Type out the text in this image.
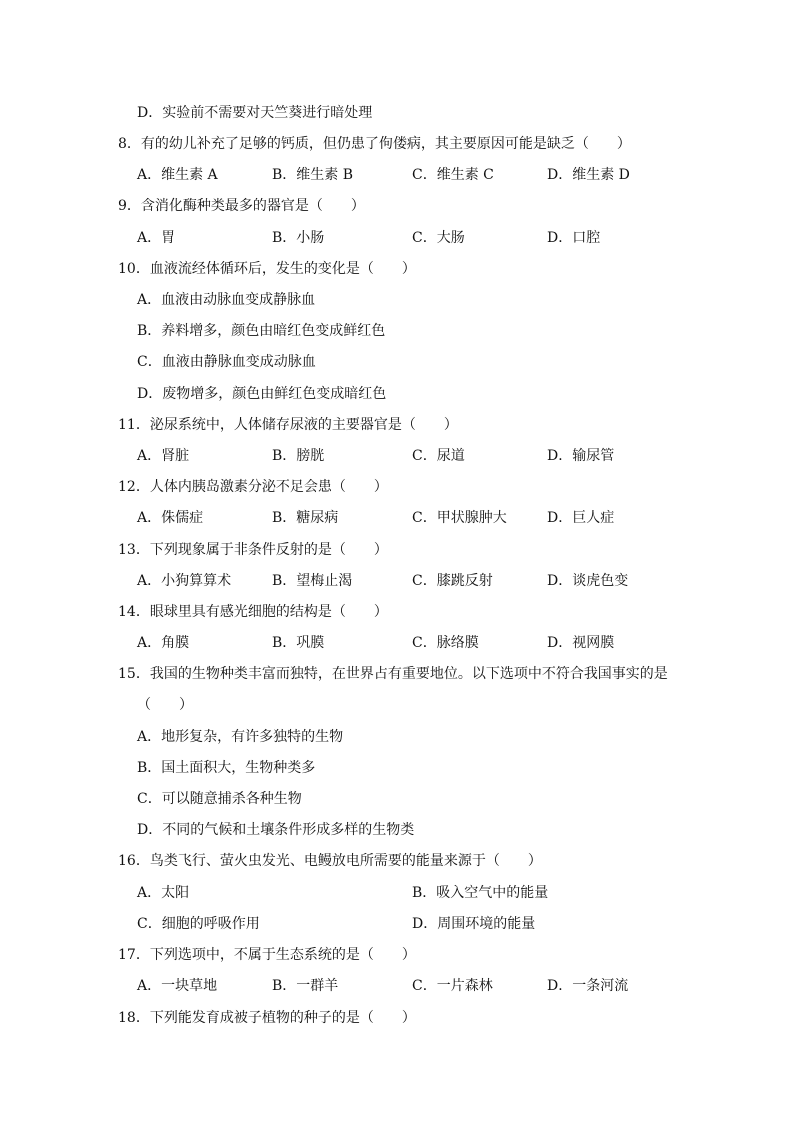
D．实验前不需要对天竺葵进行暗处理
8．有的幼儿补充了足够的钙质，但仍患了佝偻病，其主要原因可能是缺乏（　　）
A．维生素 A	B．维生素 B	C．维生素 C	D．维生素 D
9．含消化酶种类最多的器官是（　　）
A．胃	B．小肠	C．大肠	D．口腔
10．血液流经体循环后，发生的变化是（　　）
A．血液由动脉血变成静脉血
B．养料增多，颜色由暗红色变成鲜红色
C．血液由静脉血变成动脉血
D．废物增多，颜色由鲜红色变成暗红色
11．泌尿系统中，人体储存尿液的主要器官是（　　）
A．肾脏	B．膀胱	C．尿道	D．输尿管
12．人体内胰岛激素分泌不足会患（　　）
A．侏儒症	B．糖尿病	C．甲状腺肿大	D．巨人症
13．下列现象属于非条件反射的是（　　）
A．小狗算算术	B．望梅止渴	C．膝跳反射	D．谈虎色变
14．眼球里具有感光细胞的结构是（　　）
A．角膜	B．巩膜	C．脉络膜	D．视网膜
15．我国的生物种类丰富而独特，在世界占有重要地位。以下选项中不符合我国事实的是
（　　）
A．地形复杂，有许多独特的生物
B．国土面积大，生物种类多
C．可以随意捕杀各种生物
D．不同的气候和土壤条件形成多样的生物类
16．鸟类飞行、萤火虫发光、电鳗放电所需要的能量来源于（　　）
A．太阳	B．吸入空气中的能量
C．细胞的呼吸作用	D．周围环境的能量
17．下列选项中，不属于生态系统的是（　　）
A．一块草地	B．一群羊	C．一片森林	D．一条河流
18．下列能发育成被子植物的种子的是（　　）
